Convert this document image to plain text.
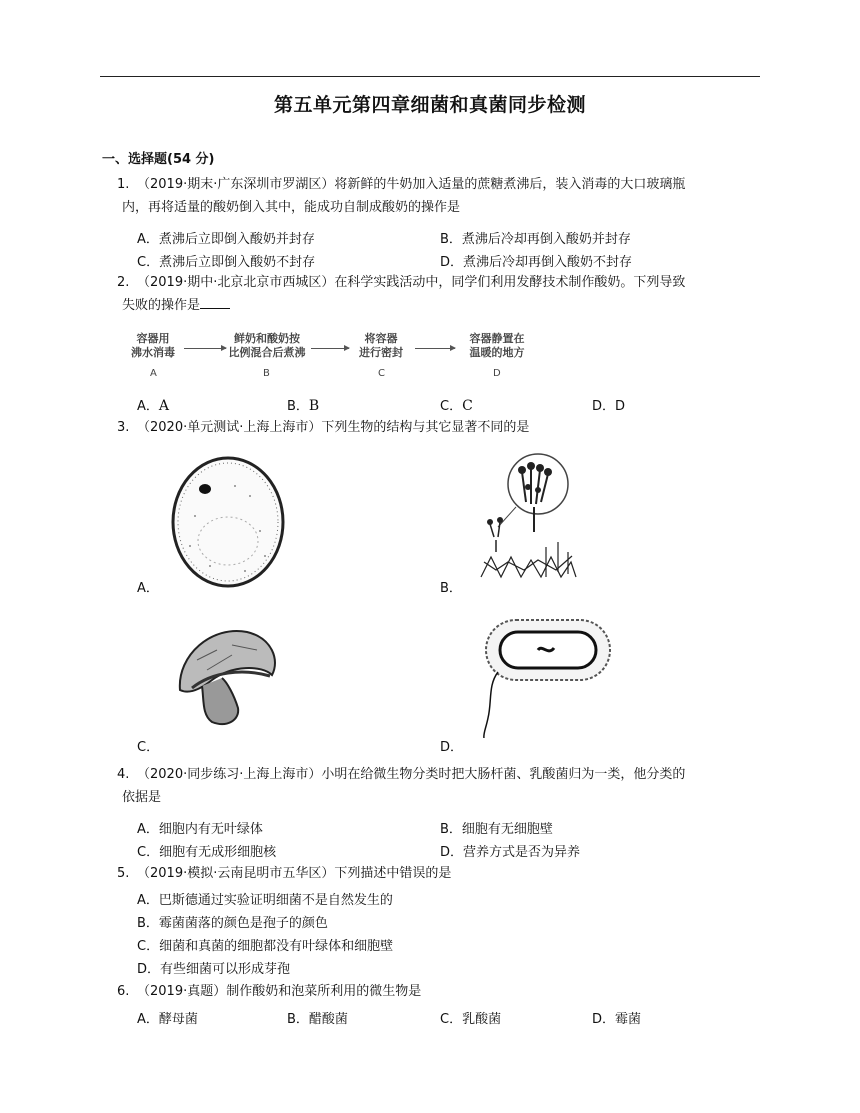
第五单元第四章细菌和真菌同步检测
一、选择题(54 分)
1. （2019·期末·广东深圳市罗湖区）将新鲜的牛奶加入适量的蔗糖煮沸后，装入消毒的大口玻璃瓶
内，再将适量的酸奶倒入其中，能成功自制成酸奶的操作是
A．煮沸后立即倒入酸奶并封存	B．煮沸后冷却再倒入酸奶并封存
C．煮沸后立即倒入酸奶不封存	D．煮沸后冷却再倒入酸奶不封存
2. （2019·期中·北京北京市西城区）在科学实践活动中，同学们利用发酵技术制作酸奶。下列导致
失败的操作是
容器用
沸水消毒
A
鲜奶和酸奶按
比例混合后煮沸
B
将容器
进行密封
C
容器静置在
温暖的地方
D
A．A	B．B	C．C	D．D
3. （2020·单元测试·上海上海市）下列生物的结构与其它显著不同的是
A．	B．
C．	D．
4. （2020·同步练习·上海上海市）小明在给微生物分类时把大肠杆菌、乳酸菌归为一类，他分类的
依据是
A．细胞内有无叶绿体	B．细胞有无细胞壁
C．细胞有无成形细胞核	D．营养方式是否为异养
5. （2019·模拟·云南昆明市五华区）下列描述中错误的是
A．巴斯德通过实验证明细菌不是自然发生的
B．霉菌菌落的颜色是孢子的颜色
C．细菌和真菌的细胞都没有叶绿体和细胞壁
D．有些细菌可以形成芽孢
6. （2019·真题）制作酸奶和泡菜所利用的微生物是
A．酵母菌	B．醋酸菌	C．乳酸菌	D．霉菌
